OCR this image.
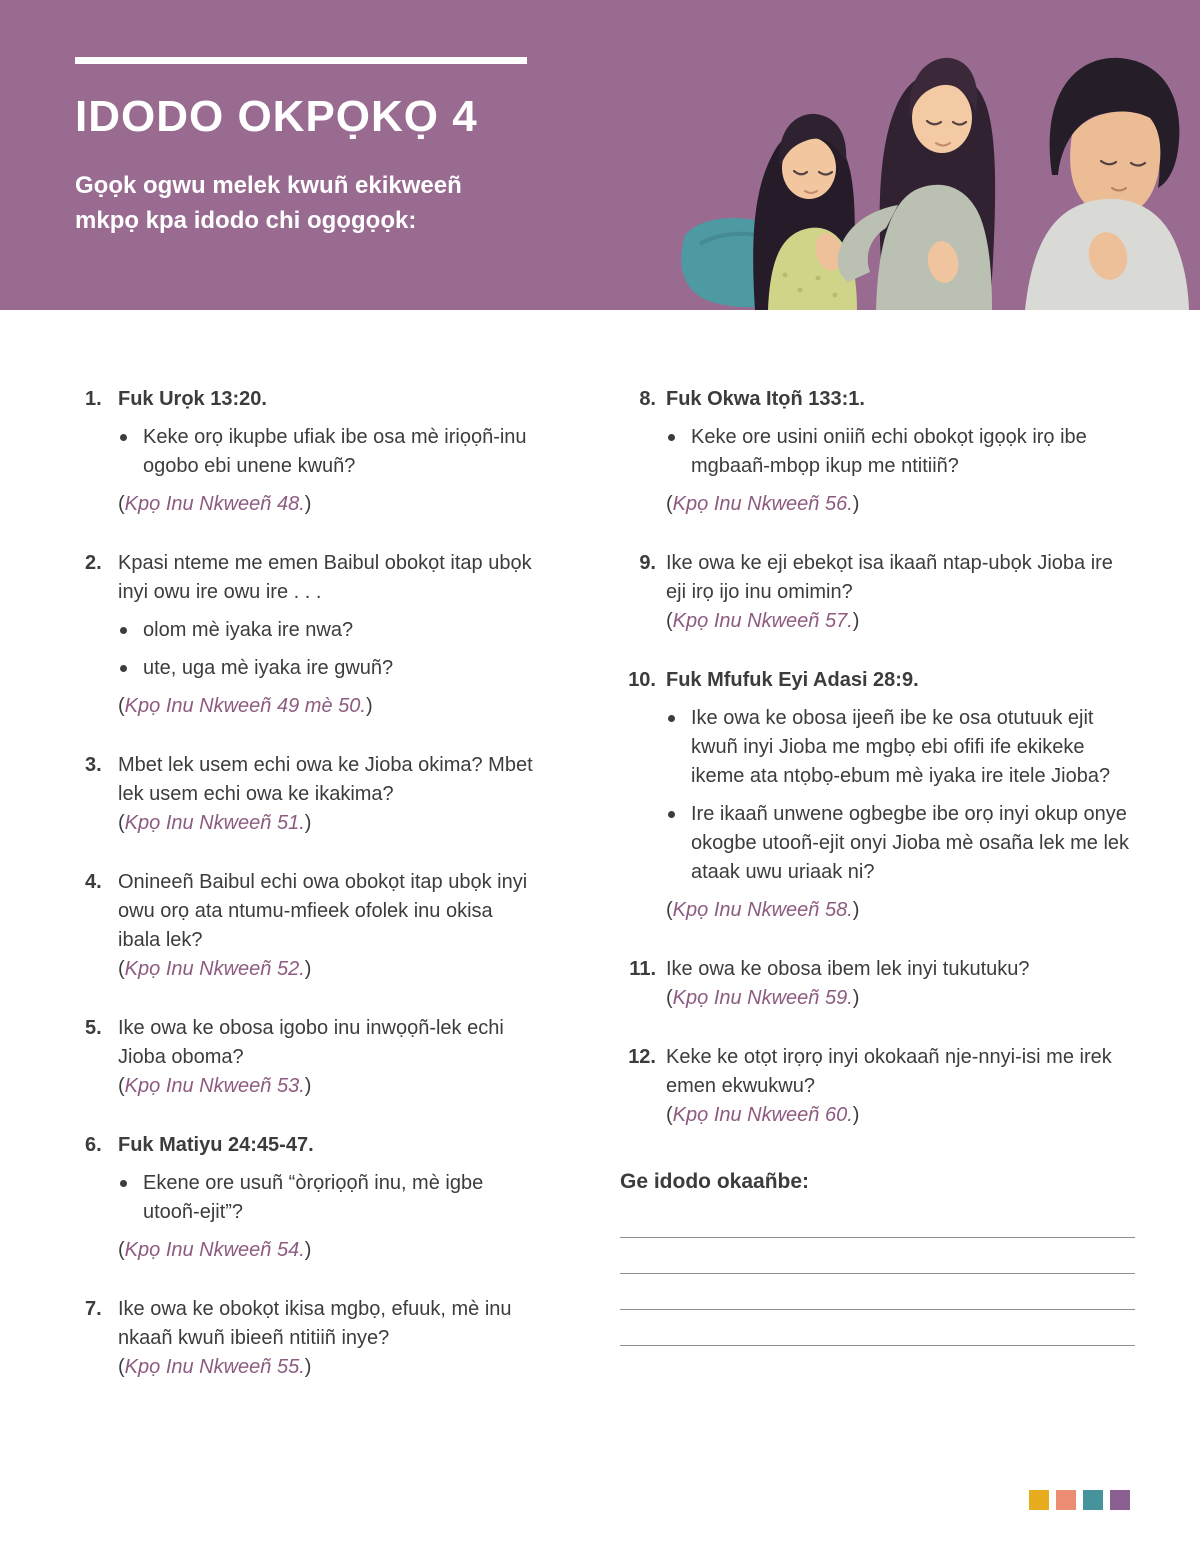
IDODO OKPỌKỌ 4
Gọọk ogwu melek kwuñ ekikweeñ
mkpọ kpa idodo chi ogọgọọk:
1. Fuk Urọk 13:20.

Keke orọ ikupbe ufiak ibe osa mè iriọọñ-inu ogobo ebi unene kwuñ?

(Kpọ Inu Nkweeñ 48.)

2. Kpasi nteme me emen Baibul obokọt itap ubọk inyi owu ire owu ire . . .

olom mè iyaka ire nwa?
ute, uga mè iyaka ire gwuñ?

(Kpọ Inu Nkweeñ 49 mè 50.)

3. Mbet lek usem echi owa ke Jioba okima? Mbet lek usem echi owa ke ikakima?

(Kpọ Inu Nkweeñ 51.)

4. Onineeñ Baibul echi owa obokọt itap ubọk inyi owu orọ ata ntumu-mfieek ofolek inu okisa ibala lek?

(Kpọ Inu Nkweeñ 52.)

5. Ike owa ke obosa igobo inu inwọọñ-lek echi Jioba oboma?

(Kpọ Inu Nkweeñ 53.)

6. Fuk Matiyu 24:45-47.

Ekene ore usuñ “òrọriọọñ inu, mè igbe utooñ-ejit”?

(Kpọ Inu Nkweeñ 54.)

7. Ike owa ke obokọt ikisa mgbọ, efuuk, mè inu nkaañ kwuñ ibieeñ ntitiiñ inye?

(Kpọ Inu Nkweeñ 55.)

8. Fuk Okwa Itọñ 133:1.

Keke ore usini oniiñ echi obokọt igọọk irọ ibe mgbaañ-mbọp ikup me ntitiiñ?

(Kpọ Inu Nkweeñ 56.)

9. Ike owa ke eji ebekọt isa ikaañ ntap-ubọk Jioba ire eji irọ ijo inu omimin?

(Kpọ Inu Nkweeñ 57.)

10. Fuk Mfufuk Eyi Adasi 28:9.

Ike owa ke obosa ijeeñ ibe ke osa otutuuk ejit kwuñ inyi Jioba me mgbọ ebi ofifi ife ekikeke ikeme ata ntọbọ-ebum mè iyaka ire itele Jioba?
Ire ikaañ unwene ogbegbe ibe orọ inyi okup onye okogbe utooñ-ejit onyi Jioba mè osaña lek me lek ataak uwu uriaak ni?

(Kpọ Inu Nkweeñ 58.)

11. Ike owa ke obosa ibem lek inyi tukutuku?

(Kpọ Inu Nkweeñ 59.)

12. Keke ke otọt irọrọ inyi okokaañ nje-nnyi-isi me irek emen ekwukwu?

(Kpọ Inu Nkweeñ 60.)

Ge idodo okaañbe:
